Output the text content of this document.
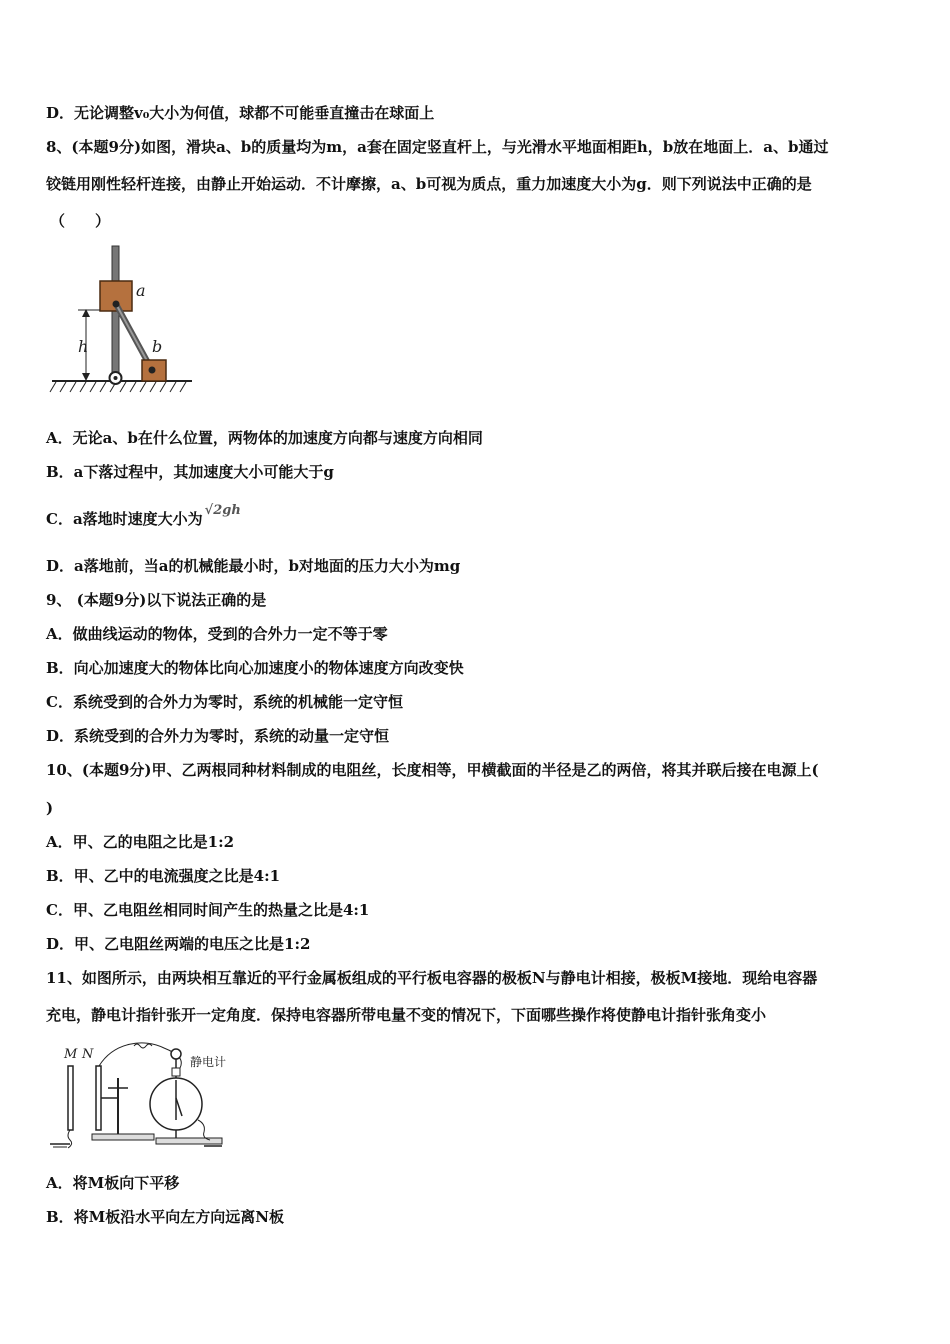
D．无论调整v₀大小为何值，球都不可能垂直撞击在球面上
8、(本题9分)如图，滑块a、b的质量均为m，a套在固定竖直杆上，与光滑水平地面相距h，b放在地面上．a、b通过
铰链用刚性轻杆连接，由静止开始运动．不计摩擦，a、b可视为质点，重力加速度大小为g．则下列说法中正确的是
（　　）
h
a
b
A．无论a、b在什么位置，两物体的加速度方向都与速度方向相同
B．a下落过程中，其加速度大小可能大于g
C．a落地时速度大小为 √2gh
D．a落地前，当a的机械能最小时，b对地面的压力大小为mg
9、 (本题9分)以下说法正确的是
A．做曲线运动的物体，受到的合外力一定不等于零
B．向心加速度大的物体比向心加速度小的物体速度方向改变快
C．系统受到的合外力为零时，系统的机械能一定守恒
D．系统受到的合外力为零时，系统的动量一定守恒
10、(本题9分)甲、乙两根同种材料制成的电阻丝，长度相等，甲横截面的半径是乙的两倍，将其并联后接在电源上(
)
A．甲、乙的电阻之比是1:2
B．甲、乙中的电流强度之比是4:1
C．甲、乙电阻丝相同时间产生的热量之比是4:1
D．甲、乙电阻丝两端的电压之比是1:2
11、如图所示，由两块相互靠近的平行金属板组成的平行板电容器的极板N与静电计相接，极板M接地．现给电容器
充电，静电计指针张开一定角度．保持电容器所带电量不变的情况下，下面哪些操作将使静电计指针张角变小
M N	静电计
A．将M板向下平移
B．将M板沿水平向左方向远离N板
